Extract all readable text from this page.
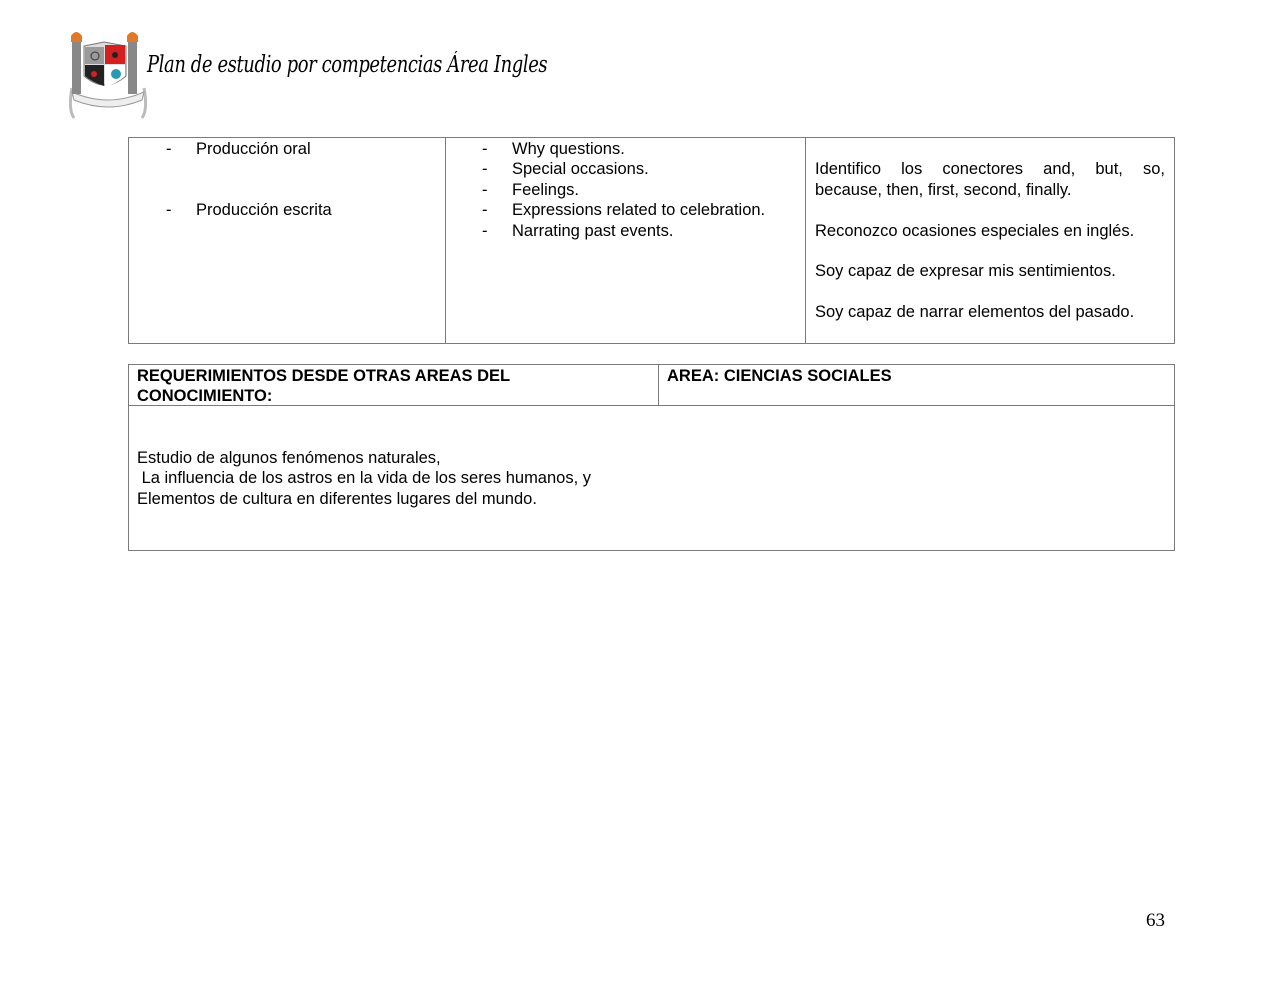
Plan de estudio por competencias Área Ingles
- Producción oral
- Producción escrita
- Why questions.
- Special occasions.
- Feelings.
- Expressions related to celebration.
- Narrating past events.
Identifico los conectores and, but, so,
because, then, first, second, finally.
Reconozco ocasiones especiales en inglés.
Soy capaz de expresar mis sentimientos.
Soy capaz de narrar elementos del pasado.
REQUERIMIENTOS DESDE OTRAS AREAS DEL
CONOCIMIENTO:
AREA: CIENCIAS SOCIALES
Estudio de algunos fenómenos naturales,
La influencia de los astros en la vida de los seres humanos, y
Elementos de cultura en diferentes lugares del mundo.
63
